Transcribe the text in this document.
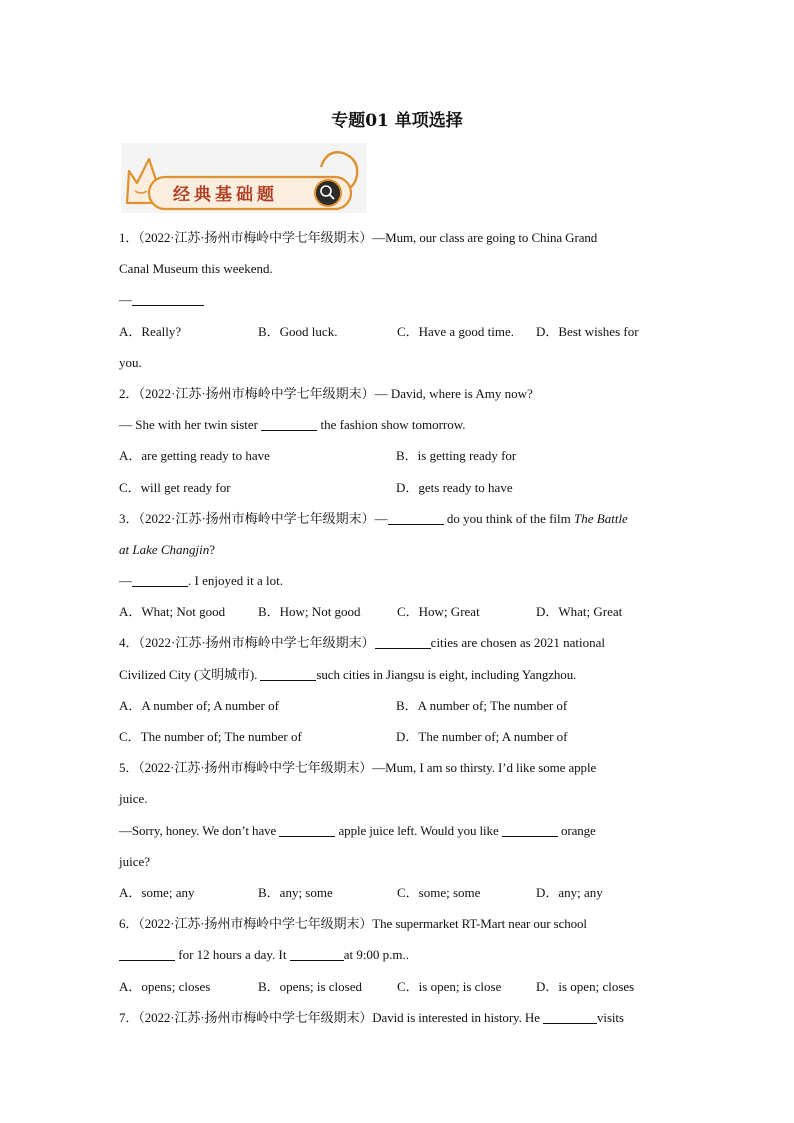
专题01 单项选择
经典基础题
1．（2022·江苏·扬州市梅岭中学七年级期末）—Mum, our class are going to China Grand
Canal Museum this weekend.
—
A．Really?	B．Good luck.	C．Have a good time.	D．Best wishes for
you.
2．（2022·江苏·扬州市梅岭中学七年级期末）— David, where is Amy now?
— She with her twin sister	the fashion show tomorrow.
A．are getting ready to have	B．is getting ready for
C．will get ready for	D．gets ready to have
3．（2022·江苏·扬州市梅岭中学七年级期末）—	do you think of the film The Battle
at Lake Changjin?
—	. I enjoyed it a lot.
A．What; Not good	B．How; Not good	C．How; Great	D．What; Great
4．（2022·江苏·扬州市梅岭中学七年级期末）	cities are chosen as 2021 national
Civilized City (文明城市).	such cities in Jiangsu is eight, including Yangzhou.
A．A number of; A number of	B．A number of; The number of
C．The number of; The number of	D．The number of; A number of
5．（2022·江苏·扬州市梅岭中学七年级期末）—Mum, I am so thirsty. I’d like some apple
juice.
—Sorry, honey. We don’t have	apple juice left. Would you like	orange
juice?
A．some; any	B．any; some	C．some; some	D．any; any
6．（2022·江苏·扬州市梅岭中学七年级期末）The supermarket RT-Mart near our school
for 12 hours a day. It	at 9:00 p.m..
A．opens; closes	B．opens; is closed	C．is open; is close	D．is open; closes
7．（2022·江苏·扬州市梅岭中学七年级期末）David is interested in history. He	visits
